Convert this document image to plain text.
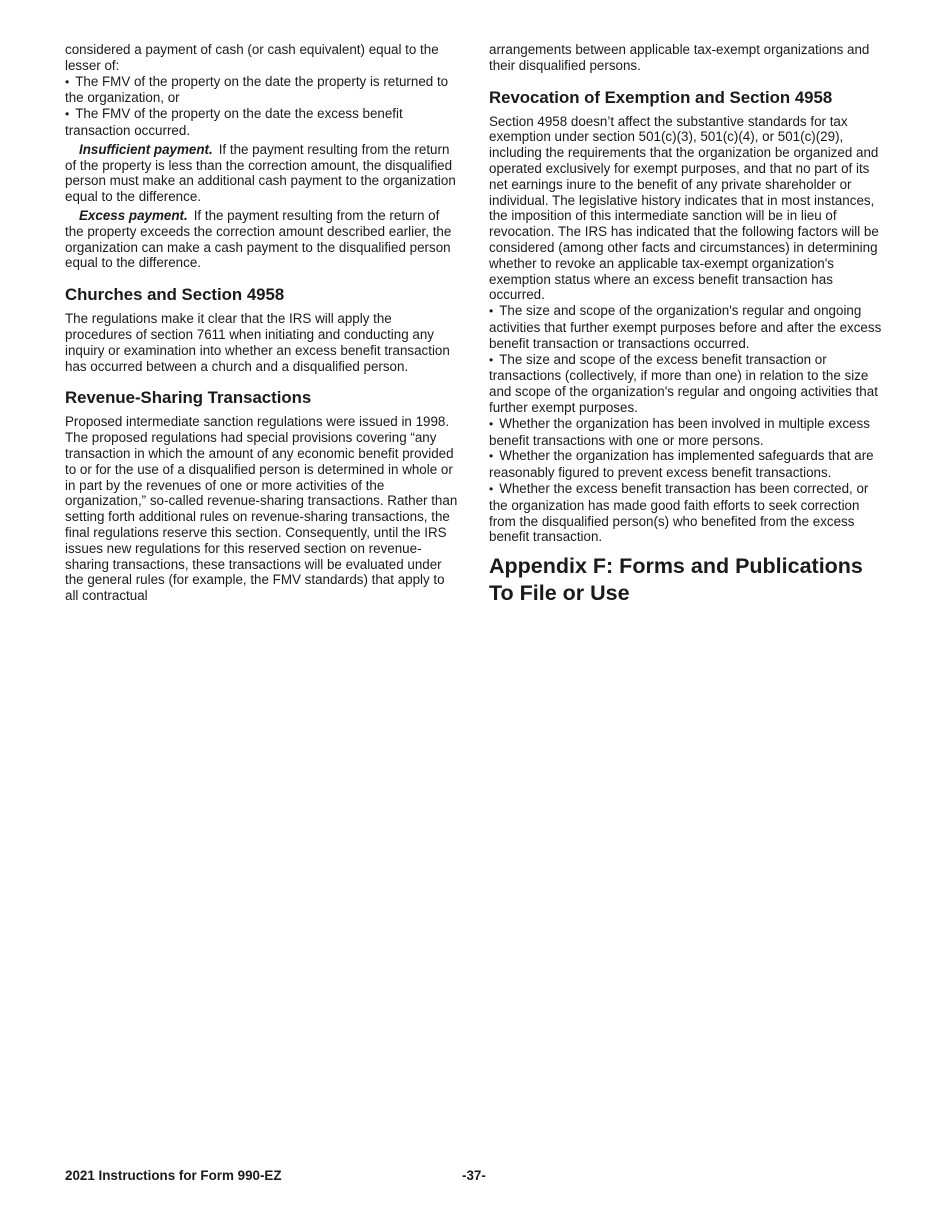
considered a payment of cash (or cash equivalent) equal to the lesser of:

• The FMV of the property on the date the property is returned to the organization, or

• The FMV of the property on the date the excess benefit transaction occurred.

Insufficient payment. If the payment resulting from the return of the property is less than the correction amount, the disqualified person must make an additional cash payment to the organization equal to the difference.

Excess payment. If the payment resulting from the return of the property exceeds the correction amount described earlier, the organization can make a cash payment to the disqualified person equal to the difference.

Churches and Section 4958

The regulations make it clear that the IRS will apply the procedures of section 7611 when initiating and conducting any inquiry or examination into whether an excess benefit transaction has occurred between a church and a disqualified person.

Revenue-Sharing Transactions

Proposed intermediate sanction regulations were issued in 1998. The proposed regulations had special provisions covering “any transaction in which the amount of any economic benefit provided to or for the use of a disqualified person is determined in whole or in part by the revenues of one or more activities of the organization,” so-called revenue-sharing transactions. Rather than setting forth additional rules on revenue-sharing transactions, the final regulations reserve this section. Consequently, until the IRS issues new regulations for this reserved section on revenue-sharing transactions, these transactions will be evaluated under the general rules (for example, the FMV standards) that apply to all contractual

arrangements between applicable tax-exempt organizations and their disqualified persons.

Revocation of Exemption and Section 4958

Section 4958 doesn’t affect the substantive standards for tax exemption under section 501(c)(3), 501(c)(4), or 501(c)(29), including the requirements that the organization be organized and operated exclusively for exempt purposes, and that no part of its net earnings inure to the benefit of any private shareholder or individual. The legislative history indicates that in most instances, the imposition of this intermediate sanction will be in lieu of revocation. The IRS has indicated that the following factors will be considered (among other facts and circumstances) in determining whether to revoke an applicable tax-exempt organization's exemption status where an excess benefit transaction has occurred.

• The size and scope of the organization's regular and ongoing activities that further exempt purposes before and after the excess benefit transaction or transactions occurred.

• The size and scope of the excess benefit transaction or transactions (collectively, if more than one) in relation to the size and scope of the organization's regular and ongoing activities that further exempt purposes.

• Whether the organization has been involved in multiple excess benefit transactions with one or more persons.

• Whether the organization has implemented safeguards that are reasonably figured to prevent excess benefit transactions.

• Whether the excess benefit transaction has been corrected, or the organization has made good faith efforts to seek correction from the disqualified person(s) who benefited from the excess benefit transaction.

Appendix F: Forms and Publications To File or Use
2021 Instructions for Form 990-EZ	-37-
